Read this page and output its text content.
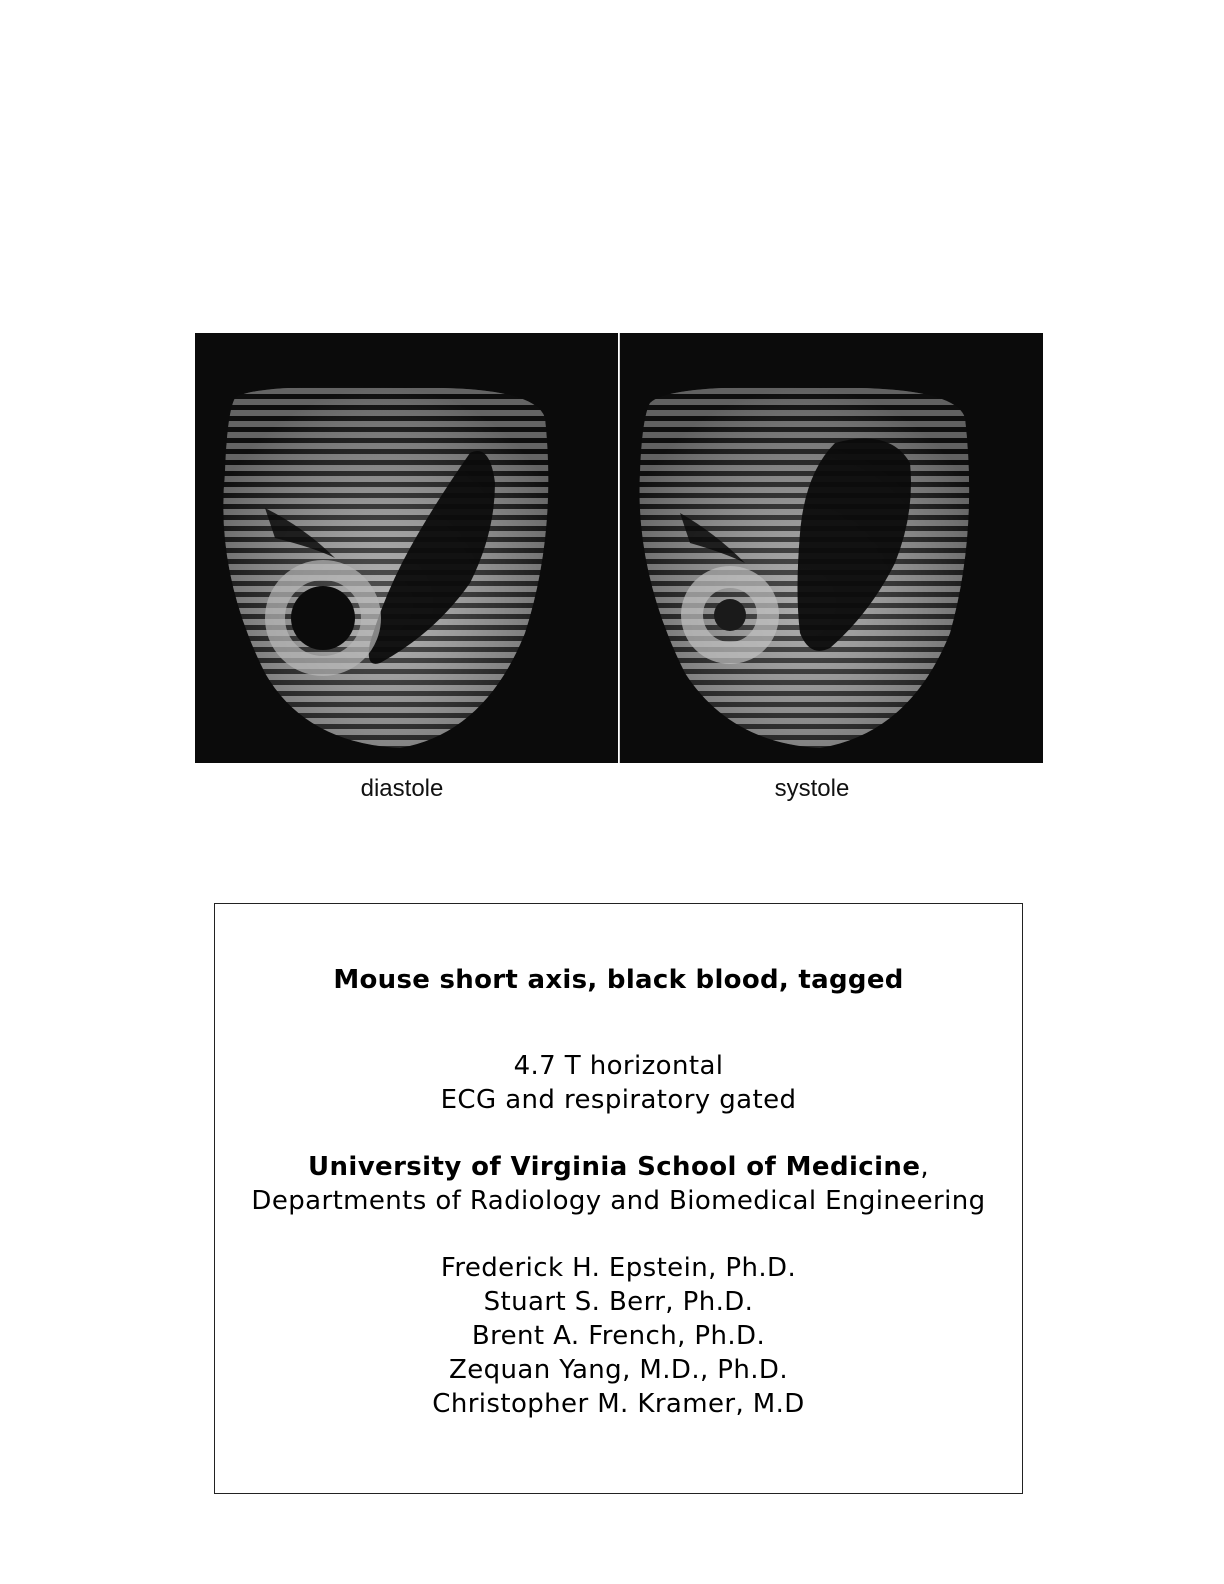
diastole	systole
Mouse short axis, black blood, tagged
4.7 T horizontal
ECG and respiratory gated
University of Virginia School of Medicine,
Departments of Radiology and Biomedical Engineering
Frederick H. Epstein, Ph.D.
Stuart S. Berr, Ph.D.
Brent A. French, Ph.D.
Zequan Yang, M.D., Ph.D.
Christopher M. Kramer, M.D
